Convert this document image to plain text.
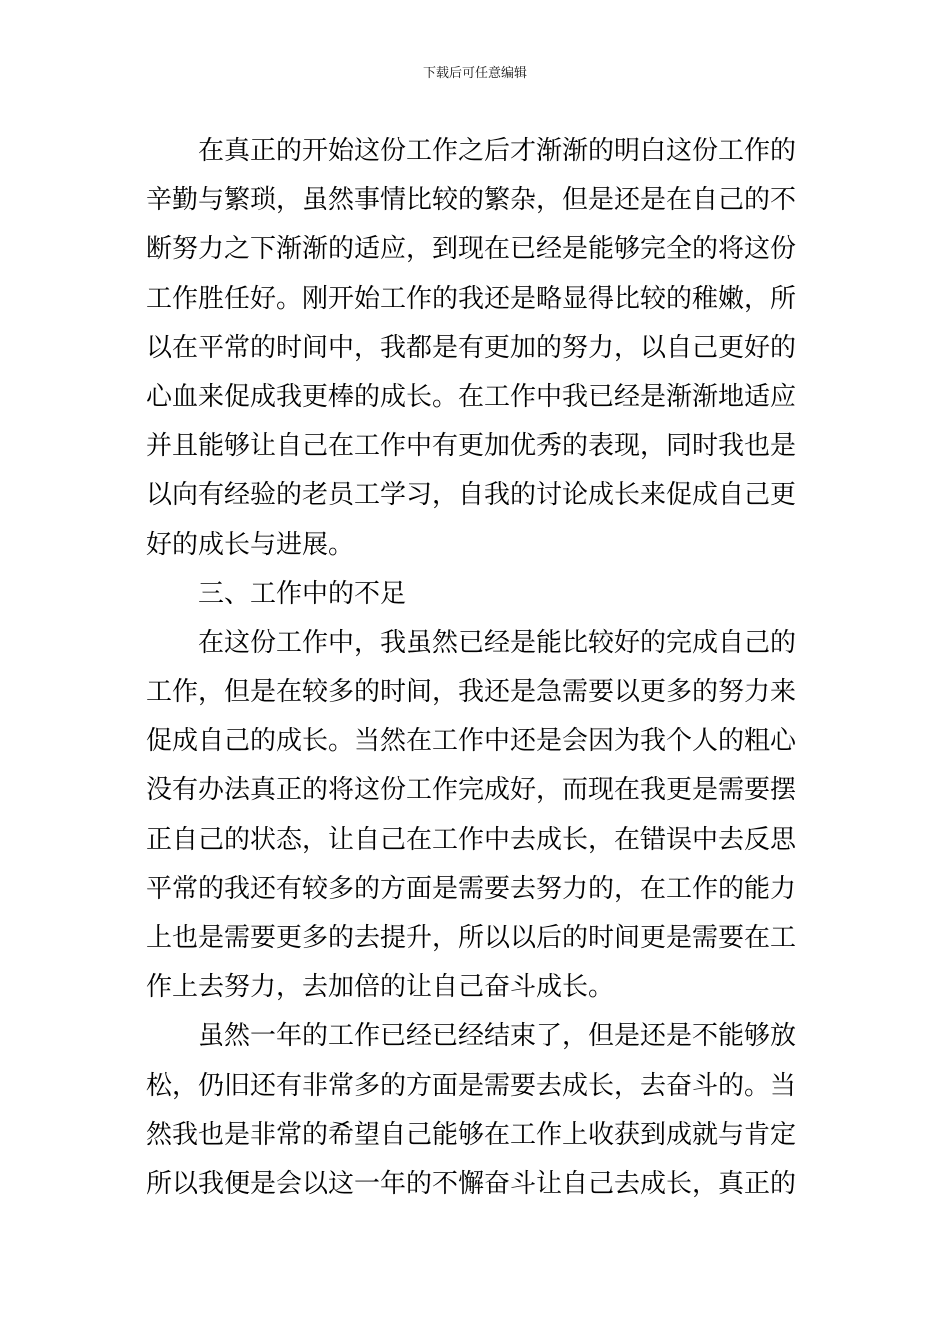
下载后可任意编辑
在真正的开始这份工作之后才渐渐的明白这份工作的
辛勤与繁琐，虽然事情比较的繁杂，但是还是在自己的不
断努力之下渐渐的适应，到现在已经是能够完全的将这份
工作胜任好。刚开始工作的我还是略显得比较的稚嫩，所
以在平常的时间中，我都是有更加的努力，以自己更好的
心血来促成我更棒的成长。在工作中我已经是渐渐地适应
并且能够让自己在工作中有更加优秀的表现，同时我也是
以向有经验的老员工学习，自我的讨论成长来促成自己更
好的成长与进展。
三、工作中的不足
在这份工作中，我虽然已经是能比较好的完成自己的
工作，但是在较多的时间，我还是急需要以更多的努力来
促成自己的成长。当然在工作中还是会因为我个人的粗心
没有办法真正的将这份工作完成好，而现在我更是需要摆
正自己的状态，让自己在工作中去成长，在错误中去反思
平常的我还有较多的方面是需要去努力的，在工作的能力
上也是需要更多的去提升，所以以后的时间更是需要在工
作上去努力，去加倍的让自己奋斗成长。
虽然一年的工作已经已经结束了，但是还是不能够放
松，仍旧还有非常多的方面是需要去成长，去奋斗的。当
然我也是非常的希望自己能够在工作上收获到成就与肯定
所以我便是会以这一年的不懈奋斗让自己去成长，真正的
